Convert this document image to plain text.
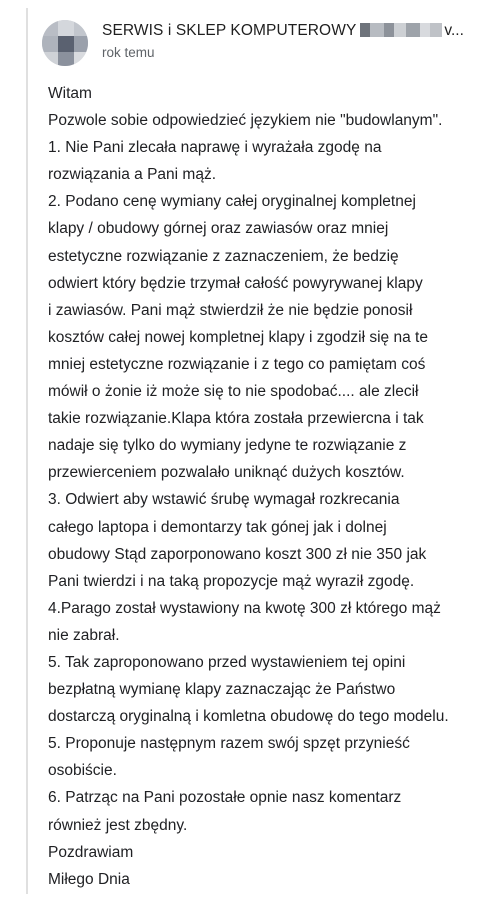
SERWIS i SKLEP KOMPUTEROWY	v...
rok temu
Witam
Pozwole sobie odpowiedzieć językiem nie "budowlanym".
1. Nie Pani zlecała naprawę i wyrażała zgodę na
rozwiązania a Pani mąż.
2. Podano cenę wymiany całej oryginalnej kompletnej
klapy / obudowy górnej oraz zawiasów oraz mniej
estetyczne rozwiązanie z zaznaczeniem, że bedzię
odwiert który będzie trzymał całość powyrywanej klapy
i zawiasów. Pani mąż stwierdził że nie będzie ponosił
kosztów całej nowej kompletnej klapy i zgodził się na te
mniej estetyczne rozwiązanie i z tego co pamiętam coś
mówił o żonie iż może się to nie spodobać.... ale zlecił
takie rozwiązanie.Klapa która została przewiercna i tak
nadaje się tylko do wymiany jedyne te rozwiązanie z
przewierceniem pozwalało uniknąć dużych kosztów.
3. Odwiert aby wstawić śrubę wymagał rozkrecania
całego laptopa i demontarzy tak gónej jak i dolnej
obudowy Stąd zaporponowano koszt 300 zł nie 350 jak
Pani twierdzi i na taką propozycje mąż wyraził zgodę.
4.Parago został wystawiony na kwotę 300 zł którego mąż
nie zabrał.
5. Tak zaproponowano przed wystawieniem tej opini
bezpłatną wymianę klapy zaznaczając że Państwo
dostarczą oryginalną i komletna obudowę do tego modelu.
5. Proponuje następnym razem swój spzęt przynieść
osobiście.
6. Patrząc na Pani pozostałe opnie nasz komentarz
również jest zbędny.
Pozdrawiam
Miłego Dnia
